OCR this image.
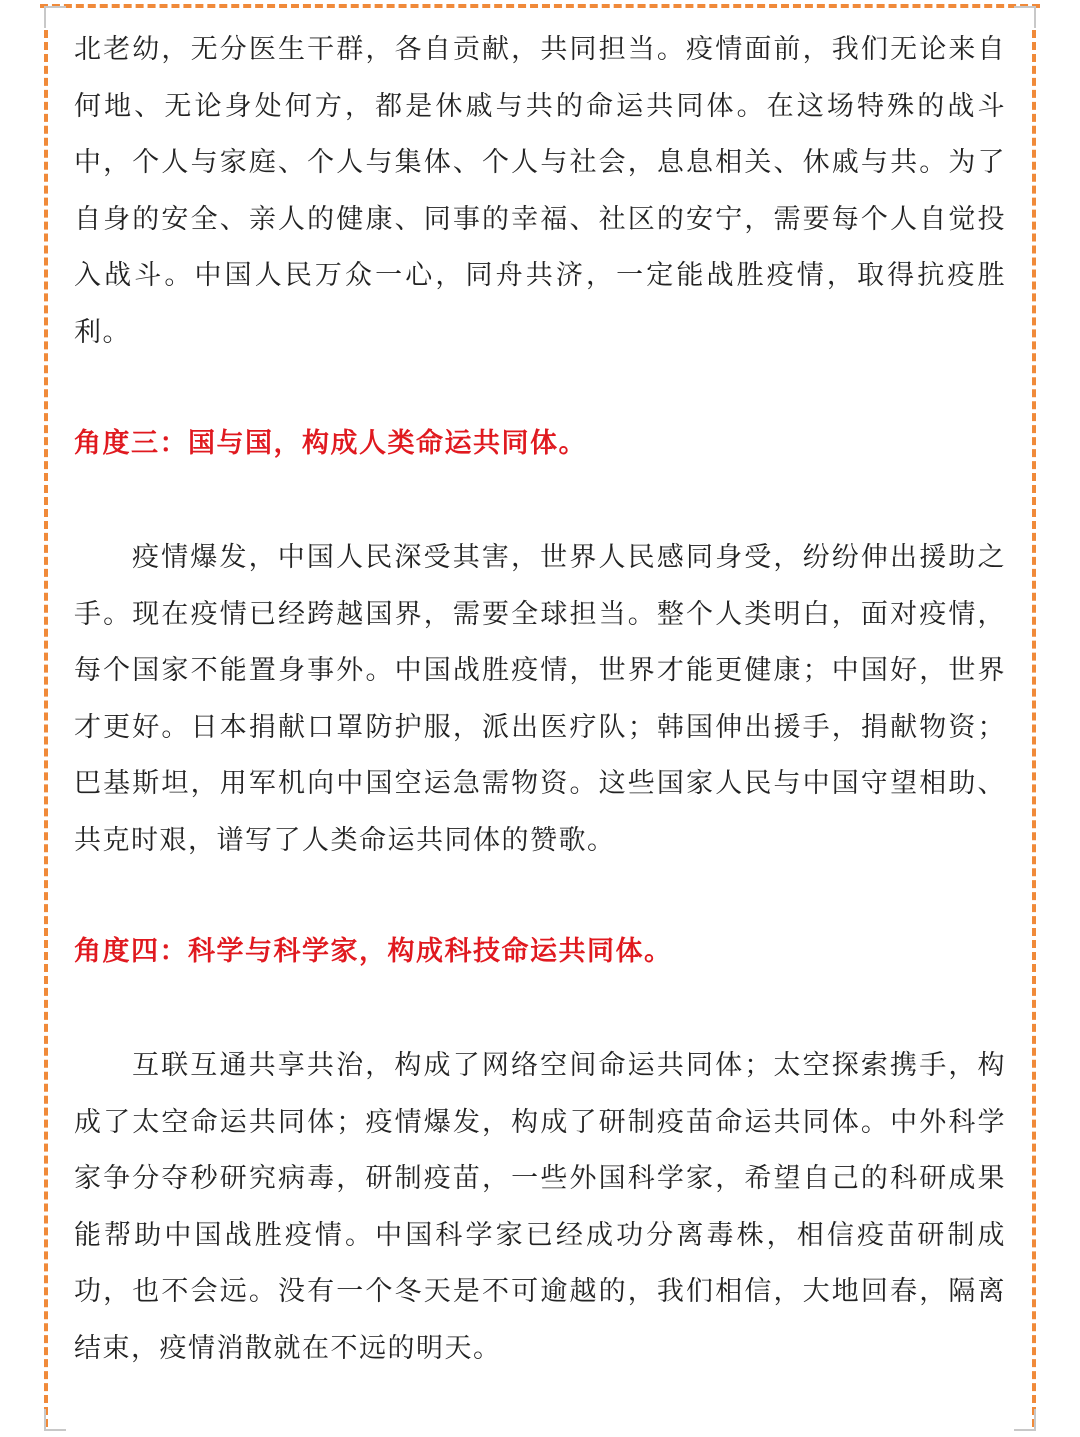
北老幼，无分医生干群，各自贡献，共同担当。疫情面前，我们无论来自何地、无论身处何方，都是休戚与共的命运共同体。在这场特殊的战斗中，个人与家庭、个人与集体、个人与社会，息息相关、休戚与共。为了自身的安全、亲人的健康、同事的幸福、社区的安宁，需要每个人自觉投入战斗。中国人民万众一心，同舟共济，一定能战胜疫情，取得抗疫胜利。

角度三：国与国，构成人类命运共同体。

疫情爆发，中国人民深受其害，世界人民感同身受，纷纷伸出援助之手。现在疫情已经跨越国界，需要全球担当。整个人类明白，面对疫情，每个国家不能置身事外。中国战胜疫情，世界才能更健康；中国好，世界才更好。日本捐献口罩防护服，派出医疗队；韩国伸出援手，捐献物资；巴基斯坦，用军机向中国空运急需物资。这些国家人民与中国守望相助、共克时艰，谱写了人类命运共同体的赞歌。

角度四：科学与科学家，构成科技命运共同体。

互联互通共享共治，构成了网络空间命运共同体；太空探索携手，构成了太空命运共同体；疫情爆发，构成了研制疫苗命运共同体。中外科学家争分夺秒研究病毒，研制疫苗，一些外国科学家，希望自己的科研成果能帮助中国战胜疫情。中国科学家已经成功分离毒株，相信疫苗研制成功，也不会远。没有一个冬天是不可逾越的，我们相信，大地回春，隔离结束，疫情消散就在不远的明天。
